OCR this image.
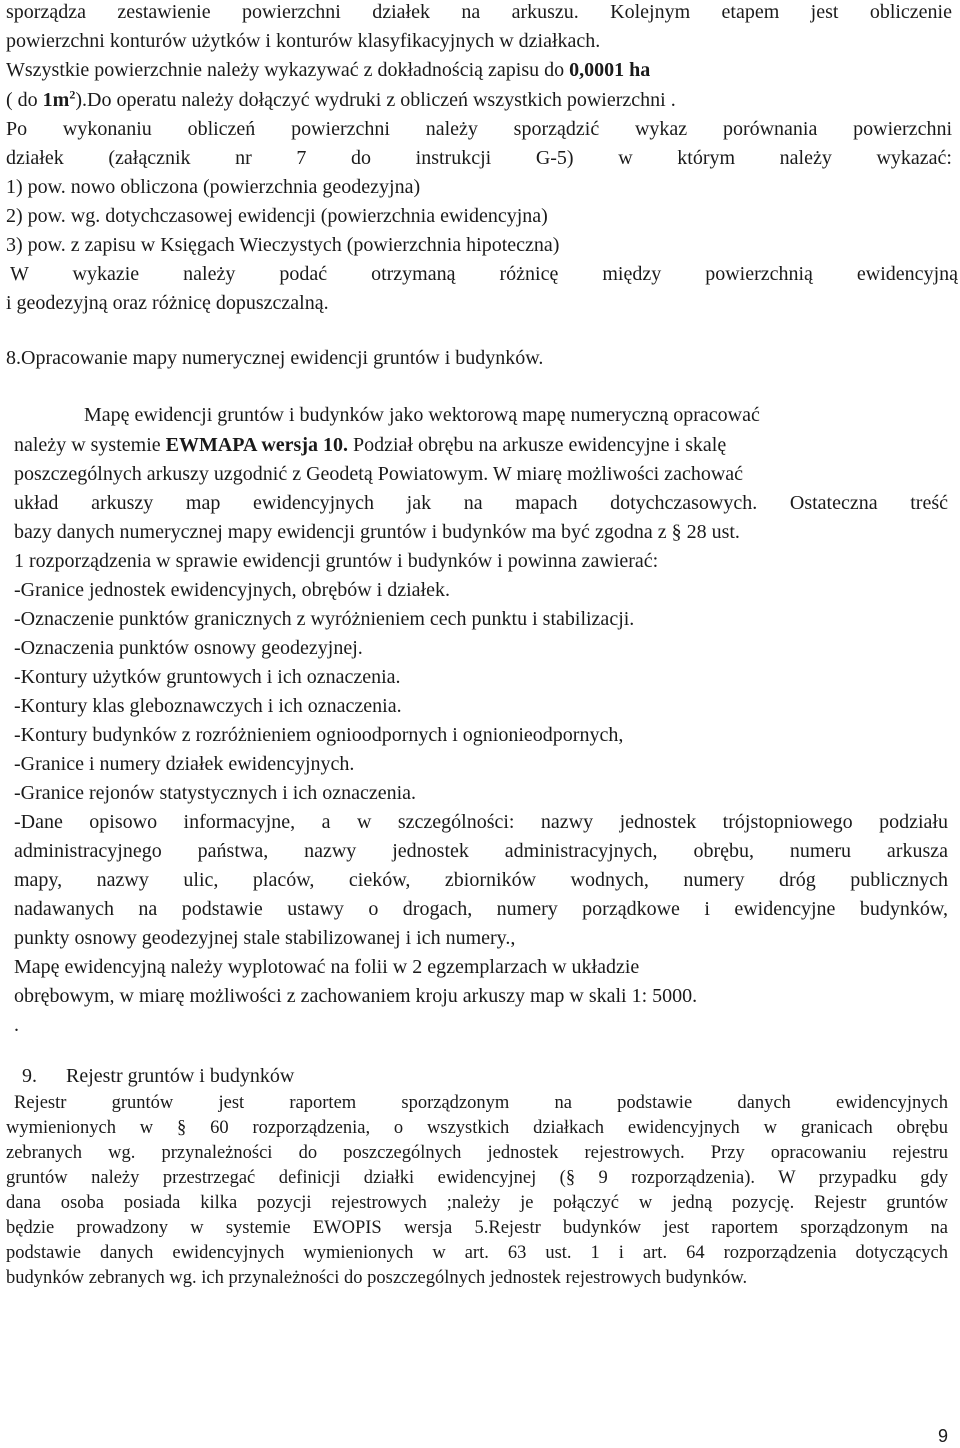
sporządza zestawienie powierzchni działek na arkuszu. Kolejnym etapem jest obliczenie

powierzchni konturów użytków i konturów klasyfikacyjnych w działkach.

Wszystkie powierzchnie należy wykazywać z dokładnością zapisu do 0,0001 ha

( do $1m^2).Do$ operatu należy dołączyć wydruki z obliczeń wszystkich powierzchni .

Po wykonaniu obliczeń powierzchni należy sporządzić wykaz porównania powierzchni

działek (załącznik nr 7 do instrukcji G-5) w którym należy wykazać:

1) pow. nowo obliczona (powierzchnia geodezyjna)

2) pow. wg. dotychczasowej ewidencji (powierzchnia ewidencyjna)

3) pow. z zapisu w Księgach Wieczystych (powierzchnia hipoteczna)

W wykazie należy podać otrzymaną różnicę między powierzchnią ewidencyjną

i geodezyjną oraz różnicę dopuszczalną.

8.Opracowanie mapy numerycznej ewidencji gruntów i budynków.

Mapę ewidencji gruntów i budynków jako wektorową mapę numeryczną opracować

należy w systemie EWMAPA wersja 10. Podział obrębu na arkusze ewidencyjne i skalę

poszczególnych arkuszy uzgodnić z Geodetą Powiatowym. W miarę możliwości zachować

układ arkuszy map ewidencyjnych jak na mapach dotychczasowych. Ostateczna treść

bazy danych numerycznej mapy ewidencji gruntów i budynków ma być zgodna z § 28 ust.

1 rozporządzenia w sprawie ewidencji gruntów i budynków i powinna zawierać:

-Granice jednostek ewidencyjnych, obrębów i działek.

-Oznaczenie punktów granicznych z wyróżnieniem cech punktu i stabilizacji.

-Oznaczenia punktów osnowy geodezyjnej.

-Kontury użytków gruntowych i ich oznaczenia.

-Kontury klas gleboznawczych i ich oznaczenia.

-Kontury budynków z rozróżnieniem ognioodpornych i ognionieodpornych,

-Granice i numery działek ewidencyjnych.

-Granice rejonów statystycznych i ich oznaczenia.

-Dane opisowo informacyjne, a w szczególności: nazwy jednostek trójstopniowego podziału

administracyjnego państwa, nazwy jednostek administracyjnych, obrębu, numeru arkusza

mapy, nazwy ulic, placów, cieków, zbiorników wodnych, numery dróg publicznych

nadawanych na podstawie ustawy o drogach, numery porządkowe i ewidencyjne budynków,

punkty osnowy geodezyjnej stale stabilizowanej i ich numery.,

Mapę ewidencyjną należy wyplotować na folii w 2 egzemplarzach w układzie

obrębowym, w miarę możliwości z zachowaniem kroju arkuszy map w skali 1: 5000.

.

9. Rejestr gruntów i budynków

Rejestr gruntów jest raportem sporządzonym na podstawie danych ewidencyjnych

wymienionych w § 60 rozporządzenia, o wszystkich działkach ewidencyjnych w granicach obrębu

zebranych wg. przynależności do poszczególnych jednostek rejestrowych. Przy opracowaniu rejestru

gruntów należy przestrzegać definicji działki ewidencyjnej (§ 9 rozporządzenia). W przypadku gdy

dana osoba posiada kilka pozycji rejestrowych ;należy je połączyć w jedną pozycję. Rejestr gruntów

będzie prowadzony w systemie EWOPIS wersja 5.Rejestr budynków jest raportem sporządzonym na

podstawie danych ewidencyjnych wymienionych w art. 63 ust. 1 i art. 64 rozporządzenia dotyczących

budynków zebranych wg. ich przynależności do poszczególnych jednostek rejestrowych budynków.

9
